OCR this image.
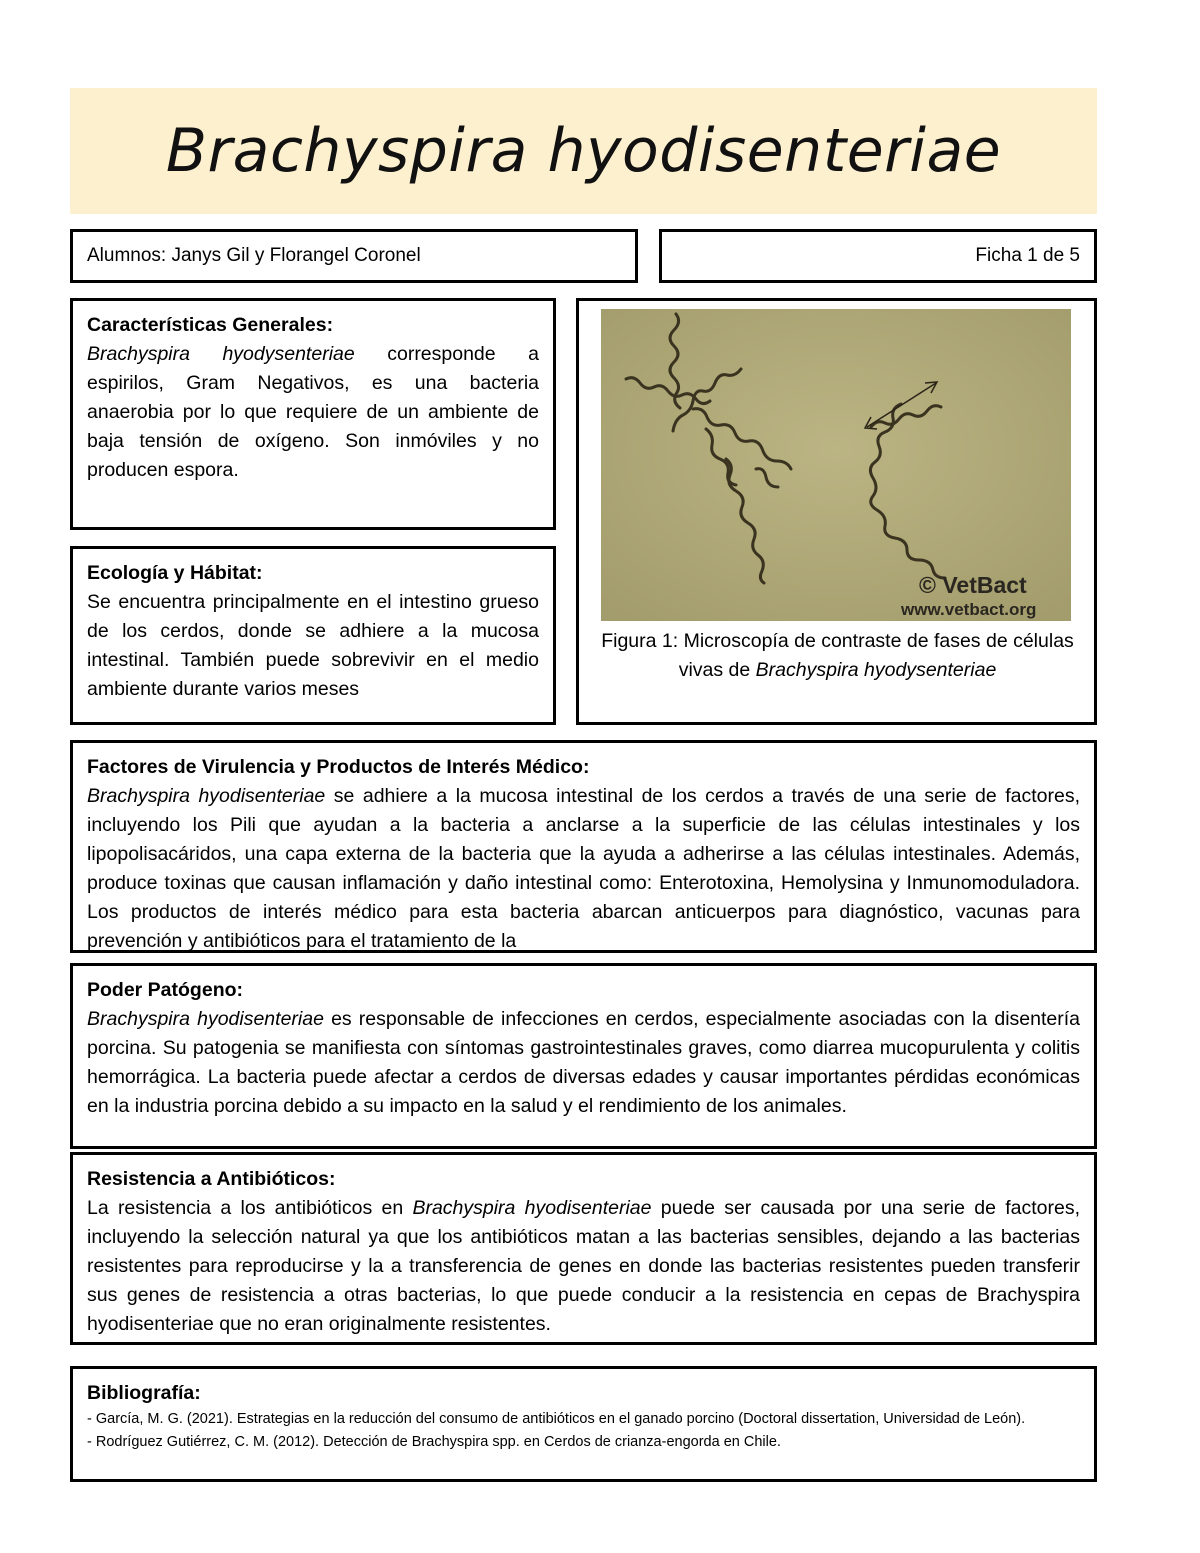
Brachyspira hyodisenteriae
Alumnos: Janys Gil y Florangel Coronel	Ficha 1 de 5
Características Generales:
Brachyspira hyodysenteriae corresponde a espirilos, Gram Negativos, es una bacteria anaerobia por lo que requiere de un ambiente de baja tensión de oxígeno. Son inmóviles y no producen espora.
Ecología y Hábitat:
Se encuentra principalmente en el intestino grueso de los cerdos, donde se adhiere a la mucosa intestinal. También puede sobrevivir en el medio ambiente durante varios meses
© VetBact
www.vetbact.org
Figura 1: Microscopía de contraste de fases de células vivas de Brachyspira hyodysenteriae
Factores de Virulencia y Productos de Interés Médico:
Brachyspira hyodisenteriae se adhiere a la mucosa intestinal de los cerdos a través de una serie de factores, incluyendo los Pili que ayudan a la bacteria a anclarse a la superficie de las células intestinales y los lipopolisacáridos, una capa externa de la bacteria que la ayuda a adherirse a las células intestinales. Además, produce toxinas que causan inflamación y daño intestinal como: Enterotoxina, Hemolysina y Inmunomoduladora. Los productos de interés médico para esta bacteria abarcan anticuerpos para diagnóstico, vacunas para prevención y antibióticos para el tratamiento de la
Poder Patógeno:
Brachyspira hyodisenteriae es responsable de infecciones en cerdos, especialmente asociadas con la disentería porcina. Su patogenia se manifiesta con síntomas gastrointestinales graves, como diarrea mucopurulenta y colitis hemorrágica. La bacteria puede afectar a cerdos de diversas edades y causar importantes pérdidas económicas en la industria porcina debido a su impacto en la salud y el rendimiento de los animales.
Resistencia a Antibióticos:
La resistencia a los antibióticos en Brachyspira hyodisenteriae puede ser causada por una serie de factores, incluyendo la selección natural ya que los antibióticos matan a las bacterias sensibles, dejando a las bacterias resistentes para reproducirse y la a transferencia de genes en donde las bacterias resistentes pueden transferir sus genes de resistencia a otras bacterias, lo que puede conducir a la resistencia en cepas de Brachyspira hyodisenteriae que no eran originalmente resistentes.
Bibliografía:
- García, M. G. (2021). Estrategias en la reducción del consumo de antibióticos en el ganado porcino (Doctoral dissertation, Universidad de León).
- Rodríguez Gutiérrez, C. M. (2012). Detección de Brachyspira spp. en Cerdos de crianza-engorda en Chile.
